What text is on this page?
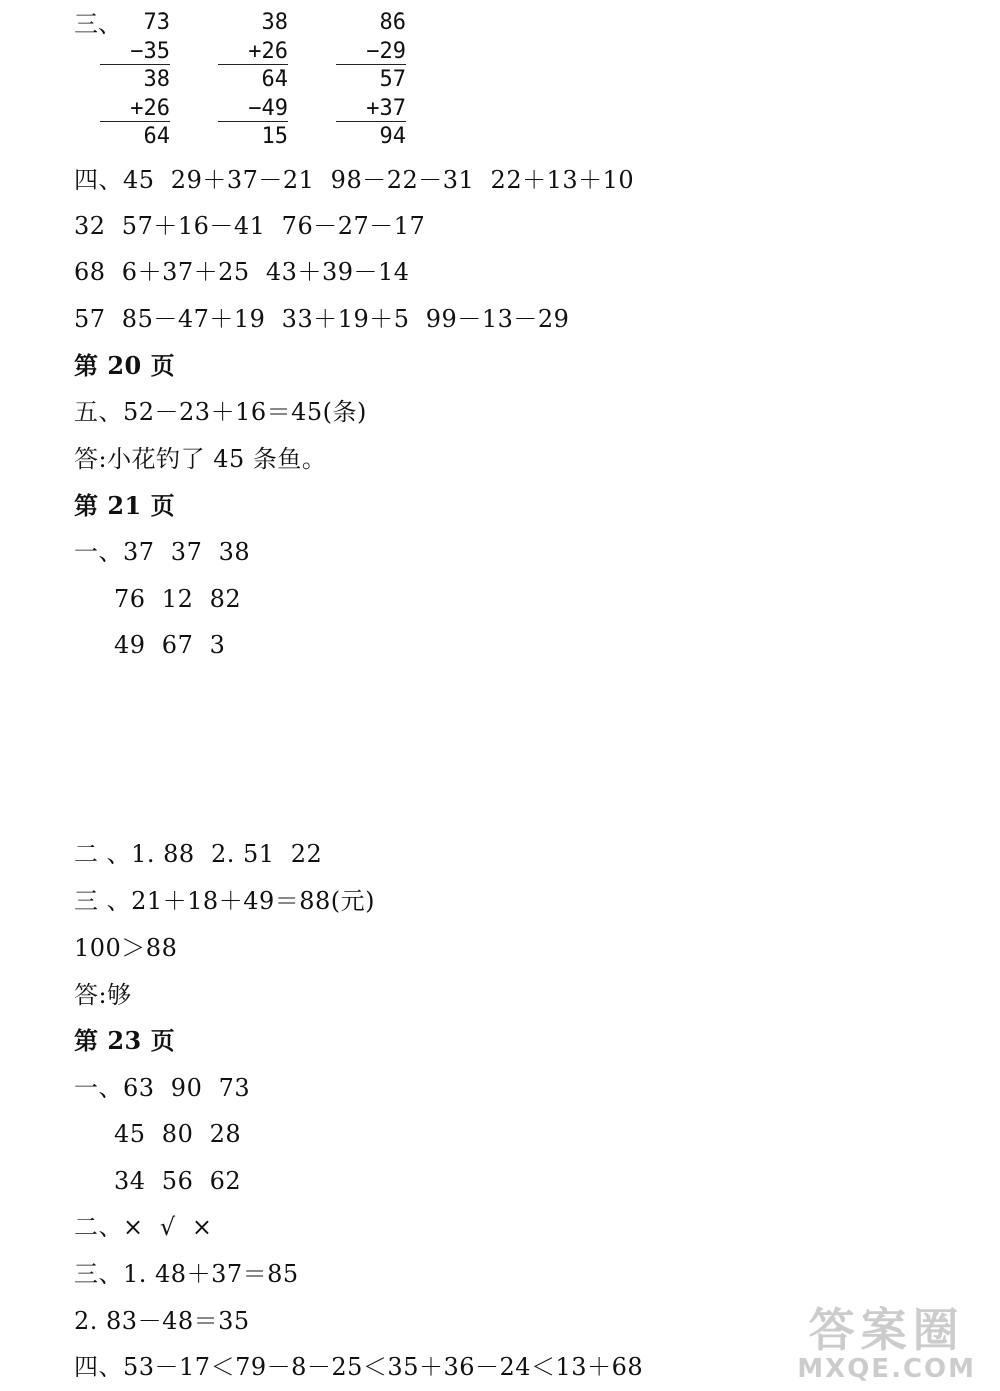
三、 7̇3
−35
38
+26
64
38
+26
6̇4
−49
15
8̇6
−29
57
+37
94
四、45  29＋37－21  98－22－31  22＋13＋10
32  57＋16－41  76－27－17
68  6＋37＋25  43＋39－14
57  85－47＋19  33＋19＋5  99－13－29
第 20 页
五、52－23＋16＝45(条)
答:小花钓了 45 条鱼。
第 21 页
一、37  37  38
76  12  82
49  67  3
二 、1. 88  2. 51  22
三 、21＋18＋49＝88(元)
100＞88
答:够
第 23 页
一、63  90  73
45  80  28
34  56  62
二、×  √  ×
三、1. 48＋37＝85
2. 83－48＝35
四、53－17＜79－8－25＜35＋36－24＜13＋68
答案圈
MXQE.COM
